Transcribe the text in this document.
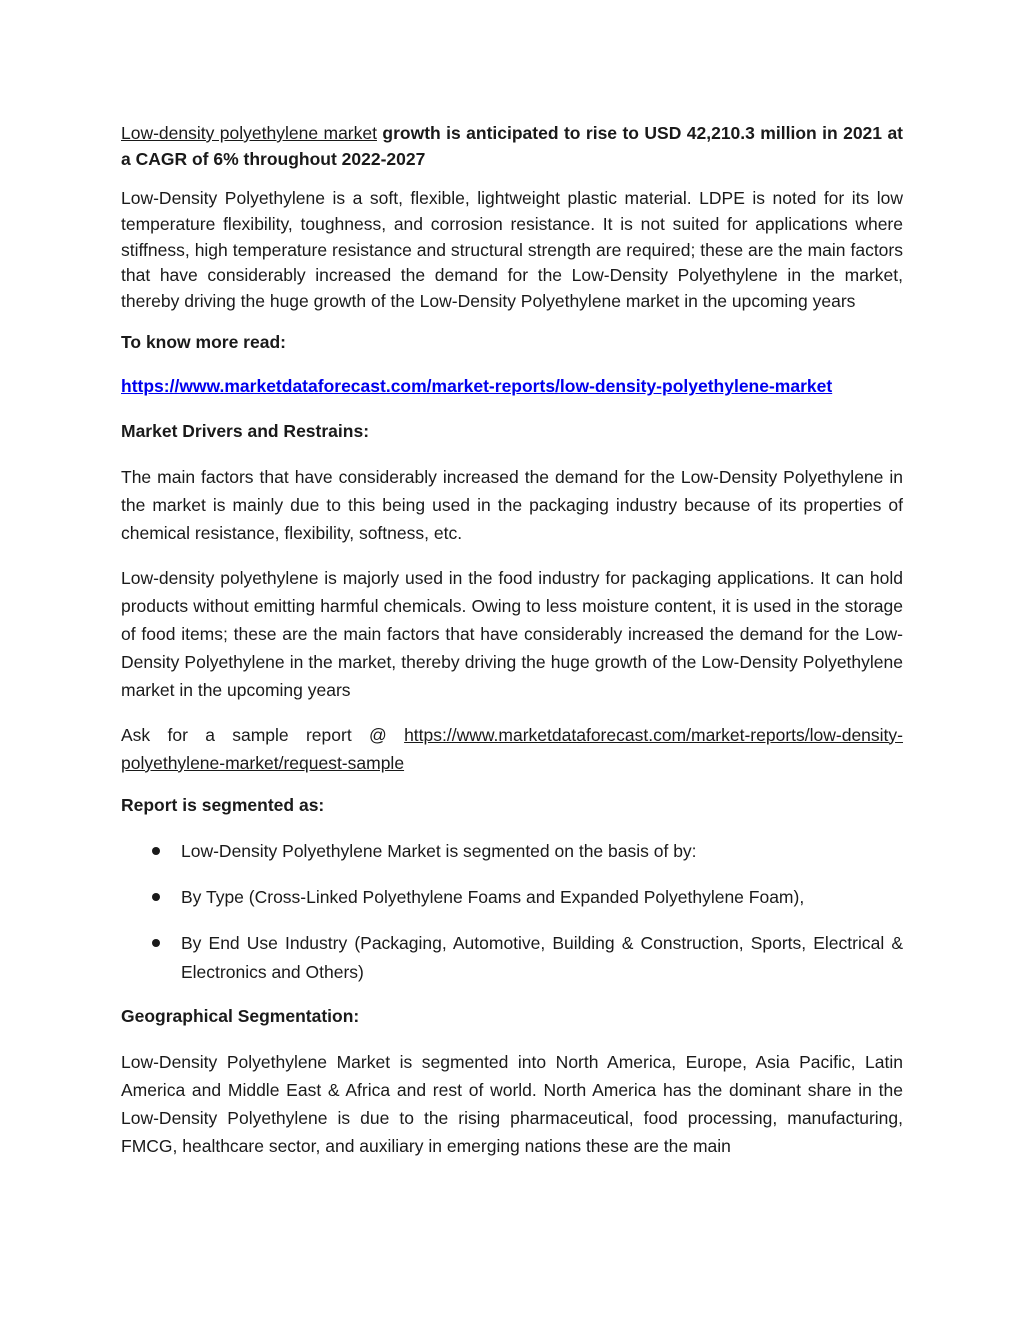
Low-density polyethylene market growth is anticipated to rise to USD 42,210.3 million in 2021 at a CAGR of 6% throughout 2022-2027

Low-Density Polyethylene is a soft, flexible, lightweight plastic material. LDPE is noted for its low temperature flexibility, toughness, and corrosion resistance. It is not suited for applications where stiffness, high temperature resistance and structural strength are required; these are the main factors that have considerably increased the demand for the Low-Density Polyethylene in the market, thereby driving the huge growth of the Low-Density Polyethylene market in the upcoming years

To know more read:

https://www.marketdataforecast.com/market-reports/low-density-polyethylene-market

Market Drivers and Restrains:

The main factors that have considerably increased the demand for the Low-Density Polyethylene in the market is mainly due to this being used in the packaging industry because of its properties of chemical resistance, flexibility, softness, etc.

Low-density polyethylene is majorly used in the food industry for packaging applications. It can hold products without emitting harmful chemicals. Owing to less moisture content, it is used in the storage of food items; these are the main factors that have considerably increased the demand for the Low-Density Polyethylene in the market, thereby driving the huge growth of the Low-Density Polyethylene market in the upcoming years

Ask for a sample report @ https://www.marketdataforecast.com/market-reports/low-density-polyethylene-market/request-sample

Report is segmented as:

Low-Density Polyethylene Market is segmented on the basis of by:
By Type (Cross-Linked Polyethylene Foams and Expanded Polyethylene Foam),
By End Use Industry (Packaging, Automotive, Building & Construction, Sports, Electrical & Electronics and Others)

Geographical Segmentation:

Low-Density Polyethylene Market is segmented into North America, Europe, Asia Pacific, Latin America and Middle East & Africa and rest of world. North America has the dominant share in the Low-Density Polyethylene is due to the rising pharmaceutical, food processing, manufacturing, FMCG, healthcare sector, and auxiliary in emerging nations these are the main
